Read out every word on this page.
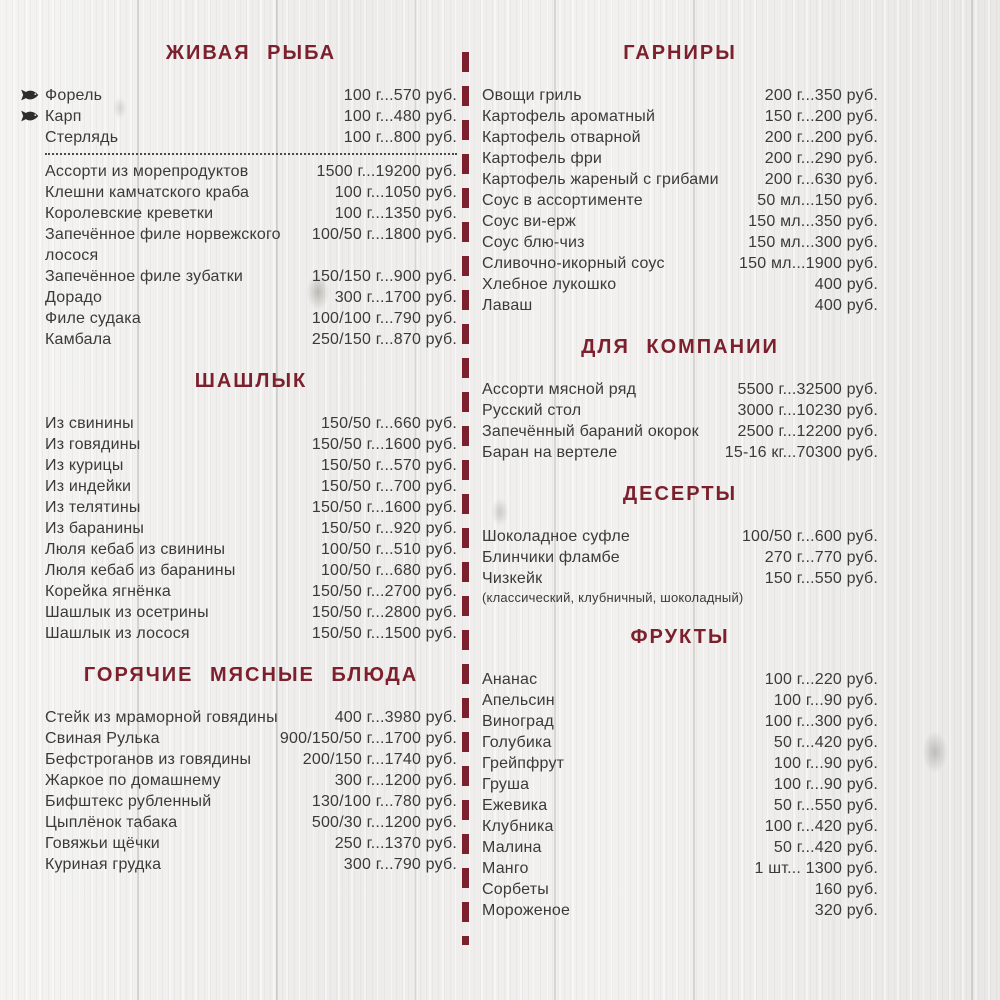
ЖИВАЯ РЫБА
Форель	100 г...570 руб.
Карп	100 г...480 руб.
Стерлядь	100 г...800 руб.
Ассорти из морепродуктов	1500 г...19200 руб.
Клешни камчатского краба	100 г...1050 руб.
Королевские креветки	100 г...1350 руб.
Запечённое филе норвежского лосося
100/50 г...1800 руб.
Запечённое филе зубатки	150/150 г...900 руб.
Дорадо	300 г...1700 руб.
Филе судака	100/100 г...790 руб.
Камбала	250/150 г...870 руб.
ШАШЛЫК
Из свинины	150/50 г...660 руб.
Из говядины	150/50 г...1600 руб.
Из курицы	150/50 г...570 руб.
Из индейки	150/50 г...700 руб.
Из телятины	150/50 г...1600 руб.
Из баранины	150/50 г...920 руб.
Люля кебаб из свинины	100/50 г...510 руб.
Люля кебаб из баранины	100/50 г...680 руб.
Корейка ягнёнка	150/50 г...2700 руб.
Шашлык из осетрины	150/50 г...2800 руб.
Шашлык из лосося	150/50 г...1500 руб.
ГОРЯЧИЕ МЯСНЫЕ БЛЮДА
Стейк из мраморной говядины	400 г...3980 руб.
Свиная Рулька	900/150/50 г...1700 руб.
Бефстроганов из говядины	200/150 г...1740 руб.
Жаркое по домашнему	300 г...1200 руб.
Бифштекс рубленный	130/100 г...780 руб.
Цыплёнок табака	500/30 г...1200 руб.
Говяжьи щёчки	250 г...1370 руб.
Куриная грудка	300 г...790 руб.
ГАРНИРЫ
Овощи гриль	200 г...350 руб.
Картофель ароматный	150 г...200 руб.
Картофель отварной	200 г...200 руб.
Картофель фри	200 г...290 руб.
Картофель жареный с грибами	200 г...630 руб.
Соус в ассортименте	50 мл...150 руб.
Соус ви-ерж	150 мл...350 руб.
Соус блю-чиз	150 мл...300 руб.
Сливочно-икорный соус	150 мл...1900 руб.
Хлебное лукошко	400 руб.
Лаваш	400 руб.
ДЛЯ КОМПАНИИ
Ассорти мясной ряд	5500 г...32500 руб.
Русский стол	3000 г...10230 руб.
Запечённый бараний окорок 2500 г...12200 руб.
Баран на вертеле	15-16 кг...70300 руб.
ДЕСЕРТЫ
Шоколадное суфле	100/50 г...600 руб.
Блинчики фламбе	270 г...770 руб.
Чизкейк	150 г...550 руб.
(классический, клубничный, шоколадный)
ФРУКТЫ
Ананас	100 г...220 руб.
Апельсин	100 г...90 руб.
Виноград	100 г...300 руб.
Голубика	50 г...420 руб.
Грейпфрут	100 г...90 руб.
Груша	100 г...90 руб.
Ежевика	50 г...550 руб.
Клубника	100 г...420 руб.
Малина	50 г...420 руб.
Манго	1 шт... 1300 руб.
Сорбеты	160 руб.
Мороженое	320 руб.
